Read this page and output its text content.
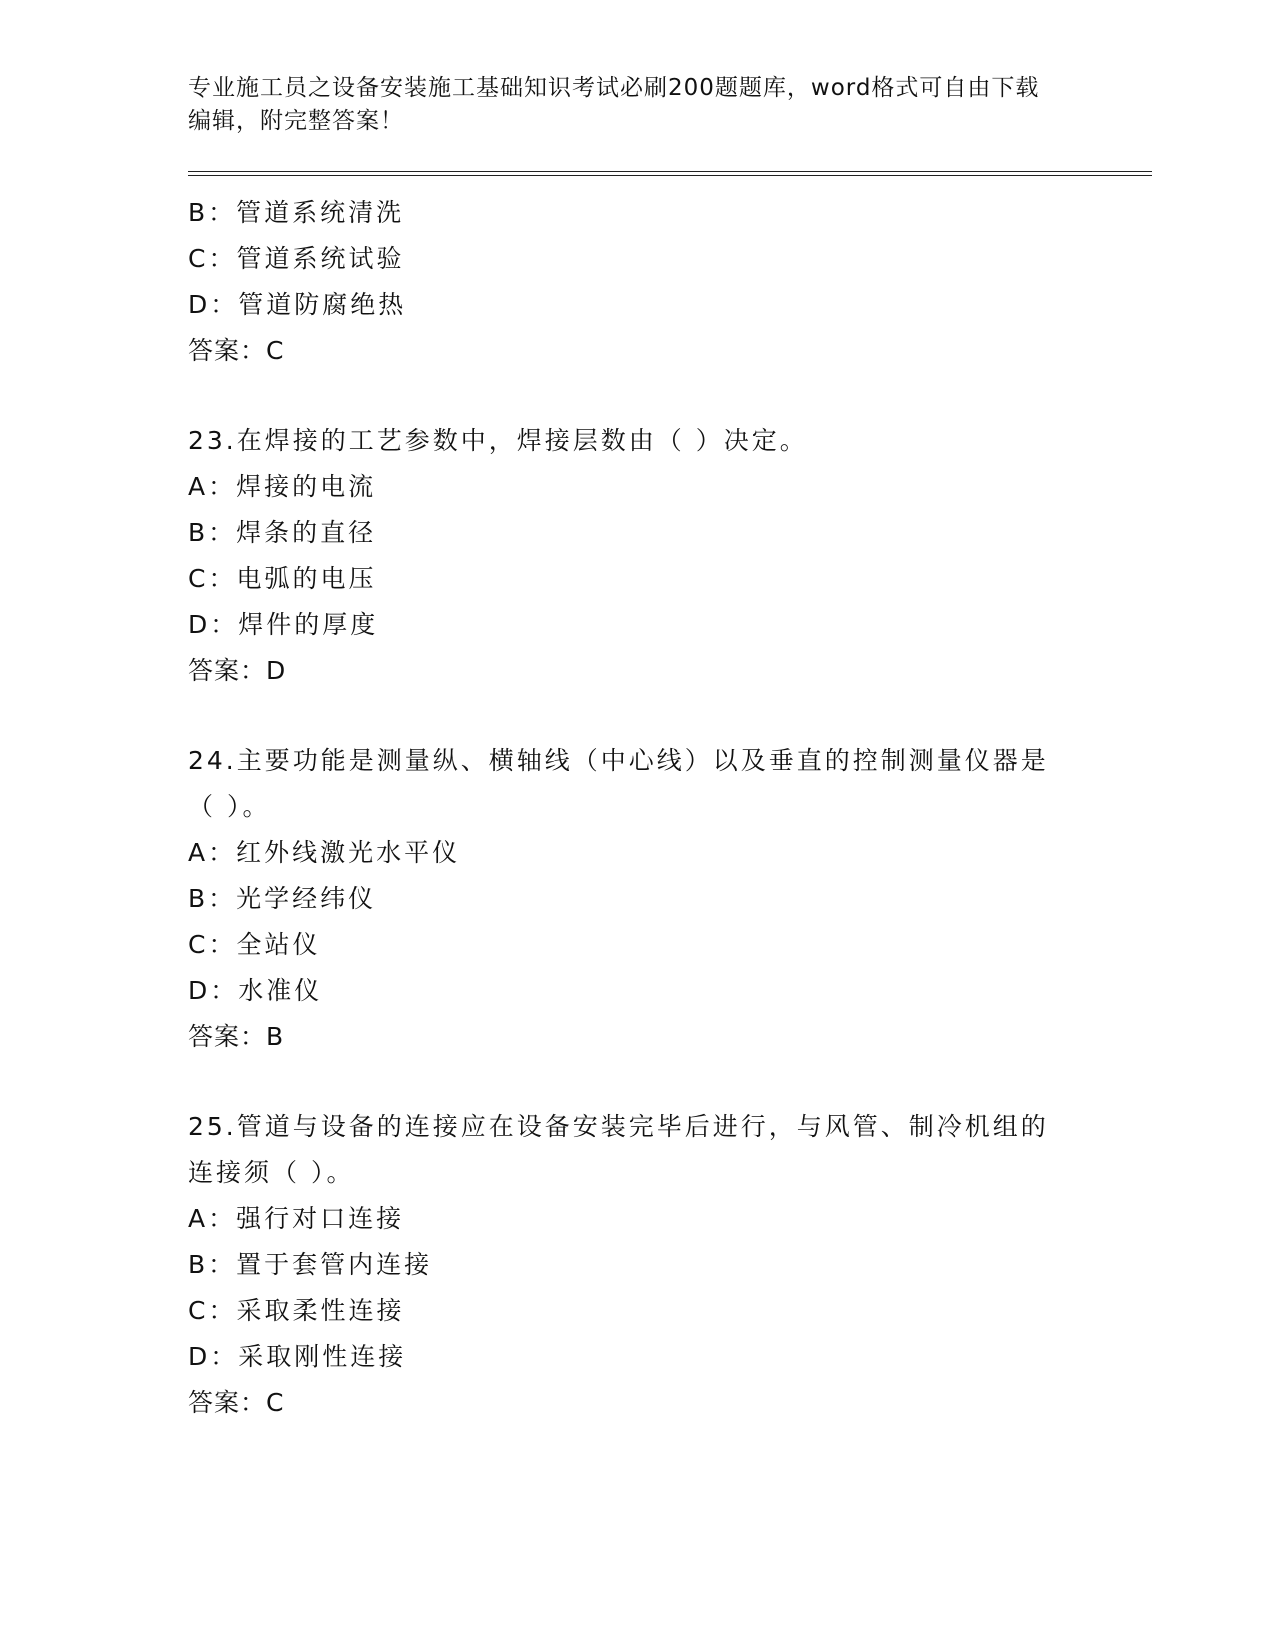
专业施工员之设备安装施工基础知识考试必刷200题题库，word格式可自由下载
编辑，附完整答案！
B：管道系统清洗
C：管道系统试验
D：管道防腐绝热
答案：C
23.在焊接的工艺参数中，焊接层数由（ ）决定。
A：焊接的电流
B：焊条的直径
C：电弧的电压
D：焊件的厚度
答案：D
24.主要功能是测量纵、横轴线（中心线）以及垂直的控制测量仪器是
（ ）。
A：红外线激光水平仪
B：光学经纬仪
C：全站仪
D：水准仪
答案：B
25.管道与设备的连接应在设备安装完毕后进行，与风管、制冷机组的
连接须（ ）。
A：强行对口连接
B：置于套管内连接
C：采取柔性连接
D：采取刚性连接
答案：C
